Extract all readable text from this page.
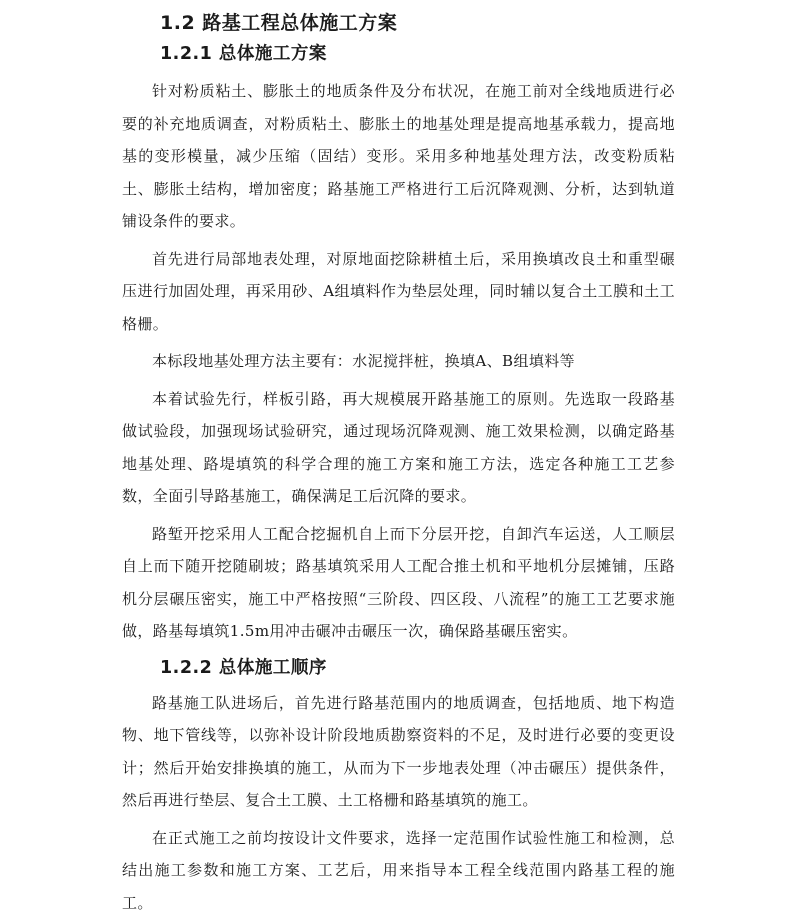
1.2 路基工程总体施工方案
1.2.1 总体施工方案

针对粉质粘土、膨胀土的地质条件及分布状况，在施工前对全线地质进行必要的补充地质调查，对粉质粘土、膨胀土的地基处理是提高地基承载力，提高地基的变形模量，减少压缩（固结）变形。采用多种地基处理方法，改变粉质粘土、膨胀土结构，增加密度；路基施工严格进行工后沉降观测、分析，达到轨道铺设条件的要求。

首先进行局部地表处理，对原地面挖除耕植土后，采用换填改良土和重型碾压进行加固处理，再采用砂、A组填料作为垫层处理，同时辅以复合土工膜和土工格栅。

本标段地基处理方法主要有：水泥搅拌桩，换填A、B组填料等

本着试验先行，样板引路，再大规模展开路基施工的原则。先选取一段路基做试验段，加强现场试验研究，通过现场沉降观测、施工效果检测，以确定路基地基处理、路堤填筑的科学合理的施工方案和施工方法，选定各种施工工艺参数，全面引导路基施工，确保满足工后沉降的要求。

路堑开挖采用人工配合挖掘机自上而下分层开挖，自卸汽车运送，人工顺层自上而下随开挖随刷坡；路基填筑采用人工配合推土机和平地机分层摊铺，压路机分层碾压密实，施工中严格按照“三阶段、四区段、八流程”的施工工艺要求施做，路基每填筑1.5m用冲击碾冲击碾压一次，确保路基碾压密实。

1.2.2 总体施工顺序

路基施工队进场后，首先进行路基范围内的地质调查，包括地质、地下构造物、地下管线等，以弥补设计阶段地质勘察资料的不足，及时进行必要的变更设计；然后开始安排换填的施工，从而为下一步地表处理（冲击碾压）提供条件，然后再进行垫层、复合土工膜、土工格栅和路基填筑的施工。

在正式施工之前均按设计文件要求，选择一定范围作试验性施工和检测，总结出施工参数和施工方案、工艺后，用来指导本工程全线范围内路基工程的施工。
